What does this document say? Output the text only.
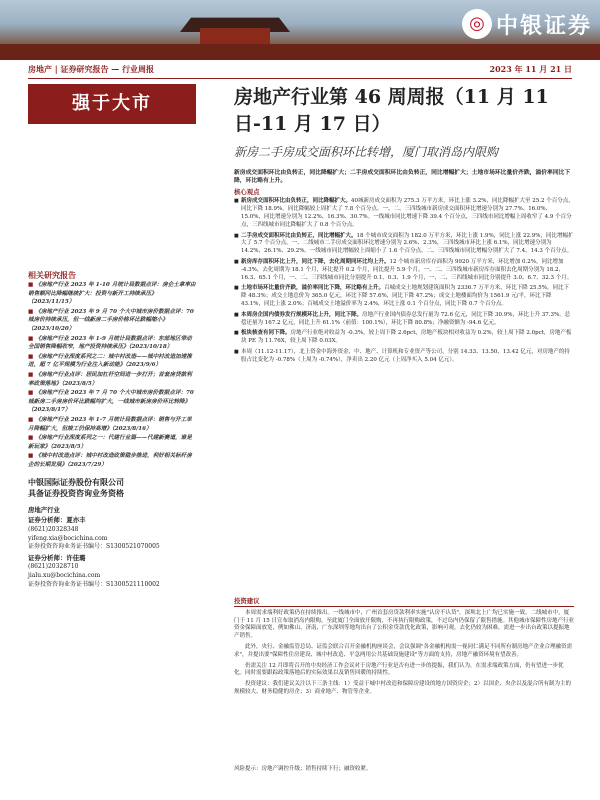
◎ 中银证券
房地产 | 证券研究报告 — 行业周报	2023 年 11 月 21 日
强于大市
相关研究报告
■ 《房地产行业 2023 年 1-10 月统计局数据点评：房企土拿率由销售额同比降幅继续扩大：投资与新开工持续承压》（2023/11/15）
■ 《房地产行业 2023 年 9 月 70 个大中城市房价数据点评：70 城房价持续承压，但一线新房二手房价格环比跌幅缩小》（2023/10/20）
■ 《房地产行业 2023 年 1-9 月统计局数据点评：东部地区带动全国销售降幅收窄，地产投资持续承压》（2023/10/18）
■ 《房地产行业深度系列之二：城中村改造——城中村改造加速推进，超 7 亿平规模为行业注入新动能》（2023/9/6）
■ 《房地产行业点评：居民加杠杆空间进一步打开；首套房贷款利率政策落地》（2023/8/5）
■ 《房地产行业 2023 年 7 月 70 个大中城市房价数据点评：70 城新房二手房房价环比跌幅均扩大，一线城市新房房价环比转降》（2023/8/17）
■ 《房地产行业 2023 年 1-7 月统计局数据点评：销售与开工单月降幅扩大，但竣工仍保持高增》（2023/8/16）
■ 《房地产行业深度系列之一：代建行业篇——代建新赛道，谁是新玩家》（2023/8/5）
■ 《城中村改造点评：城中村改造政策稳步推进，利好相关标杆房企的长期发展》（2023/7/29）
中银国际证券股份有限公司
具备证券投资咨询业务资格
房地产行业
证券分析师：夏亦丰
(8621)20328348
yifeng.xia@bocichina.com
证券投资咨询业务证书编号：S1300521070005
证券分析师：许佳璐
(8621)20328710
jialu.xu@bocichina.com
证券投资咨询业务证书编号：S1300521110002
房地产行业第 46 周周报（11 月 11 日-11 月 17 日）
新房二手房成交面积环比转增，厦门取消岛内限购
新房成交面积环比由负转正，同比降幅扩大；二手房成交面积环比由负转正，同比增幅扩大；土地市场环比量价齐跌，溢价率同比下降，环比略有上升。
核心观点
■ 新房成交面积环比由负转正，同比降幅扩大。40城新房成交面积为 275.3 万平方米，环比上涨 3.2%，同比降幅扩大至 25.2 个百分点，同比下降 18.9%。同比降幅较上周扩大了 7.8 个百分点。一、二、三四线城市新房成交面积环比增速分别为 27.7%、16.0%、15.0%，同比增速分别为 12.2%、16.3%、30.7%。一线城市同比增速下降 39.4 个百分点，三四线市同比增幅上周收窄了 4.9 个百分点，三四线城市同比降幅扩大了 0.8 个百分点。
■ 二手房成交面积环比由负转正，同比增幅扩大。18 个城市成交面积为 182.0 万平方米，环比上涨 1.9%，同比上涨 22.9%，同比增幅扩大了 5.7 个百分点。一、二线城市二手房成交面积环比增速分别为 2.6%、2.3%，三四线城市环比上涨 6.1%，同比增速分别为 14.2%、26.1%、29.2%。一线城市同比增幅较上周缩小了 1.6 个百分点，二、三四线城市同比增幅分别扩大了 7.4、14.3 个百分点。
■ 新房库存面积环比上升，同比下降，去化周期同环比均上升。12 个城市新房库存面积为 9920 万平方米，环比增加 0.2%，同比增加 -4.3%，去化周期为 18.1 个月，环比提升 0.2 个月，同比提升 5.9 个月。一、二、三四线城市新房库存面积去化周期分别为 18.2、16.3、65.1 个月，一、二、三四线城市同比分别提升 0.1、0.3、1.9 个月，一、二、三四线城市同比分别提升 3.0、6.7、32.3 个月。
■ 土地市场环比量价齐跌，溢价率同比下降，环比略有上升。百城成交土地规划建筑面积为 2336.7 万平方米，环比下降 25.5%，同比下降 48.3%；成交土地总价为 365.0 亿元，环比下降 57.6%，同比下降 47.2%；成交土地楼面均价为 1561.9 元/平，环比下降 43.1%，同比上涨 2.0%；百城成交土地溢价率为 2.4%，环比上涨 0.1 个百分点，同比下降 0.7 个百分点。
■ 本周房企国内债券发行规模环比上升，同比下降。房地产行业国内债券总发行量为 72.6 亿元，同比下降 30.9%，环比上升 37.3%。总偿还量为 167.2 亿元，同比上升 61.1%（前值：100.1%），环比下降 80.8%；净融资额为 -94.6 亿元。
■ 板块核查有同下降。房地产行业绝对收益为 -0.3%，较上周下降 2.6pct，房地产板块相对收益为 0.2%，较上周下降 2.0pct，房地产板块 PE 为 11.76X，较上周下降 0.03X。
■ 本周（11.12-11.17），北上资金中海外资金，中、地产、计算机和专业资产等公司，分别 14.33、13.50、13.42 亿元，对房地产的持股占比变化为 -0.78%（上周为 -0.74%），净卖出 2.20 亿元（上周净买入 5.04 亿元）。
投资建议

本周需求端利好政策仍在持续推出。一线城市中，广州首套房贷款利率实施"认房不认贷"，深圳北上广均已实施一致。二线城市中，厦门于 11 月 15 日宣布取消岛内限购，至此厦门全面放开限购，不再执行限购政策，不过岛内仍保留了限售措施。其他城市保障性房地产行业资金保障面放宽，例如佛山、济南、广东深圳等地均出台了公积金贷款优化政策，影响可观。去化仍较为困难，需进一步出台政策以提振地产销售。

此外，央行、金融监管总局、证监会联合召开金融机构座谈会，会议强调"各金融机构需一视同仁满足不同所有制房地产企业合理融资需求"，并提出要"保障性住房建设、城中村改造、平急两用公共基础设施建设"等方面的支持，房地产融资环境有望改善。

仍需关注 12 月即将召开的中央经济工作会议对于房地产行业是否有进一步的提振，我们认为，在需求端政策方面，仍有望进一步优化。同时需要跟踪政策落地后的实际效果以及销售回暖的持续性。

投资建议：我们建议关注以下三条主线：1）受益于城中村改造和保障房建设的地方国资房企；2）以国企、央企以及混合所有制为主的规模较大、财务稳健的房企；3）商业地产、物管等企业。

风险提示：房地产调控升级；销售持续下行；融资收紧。
